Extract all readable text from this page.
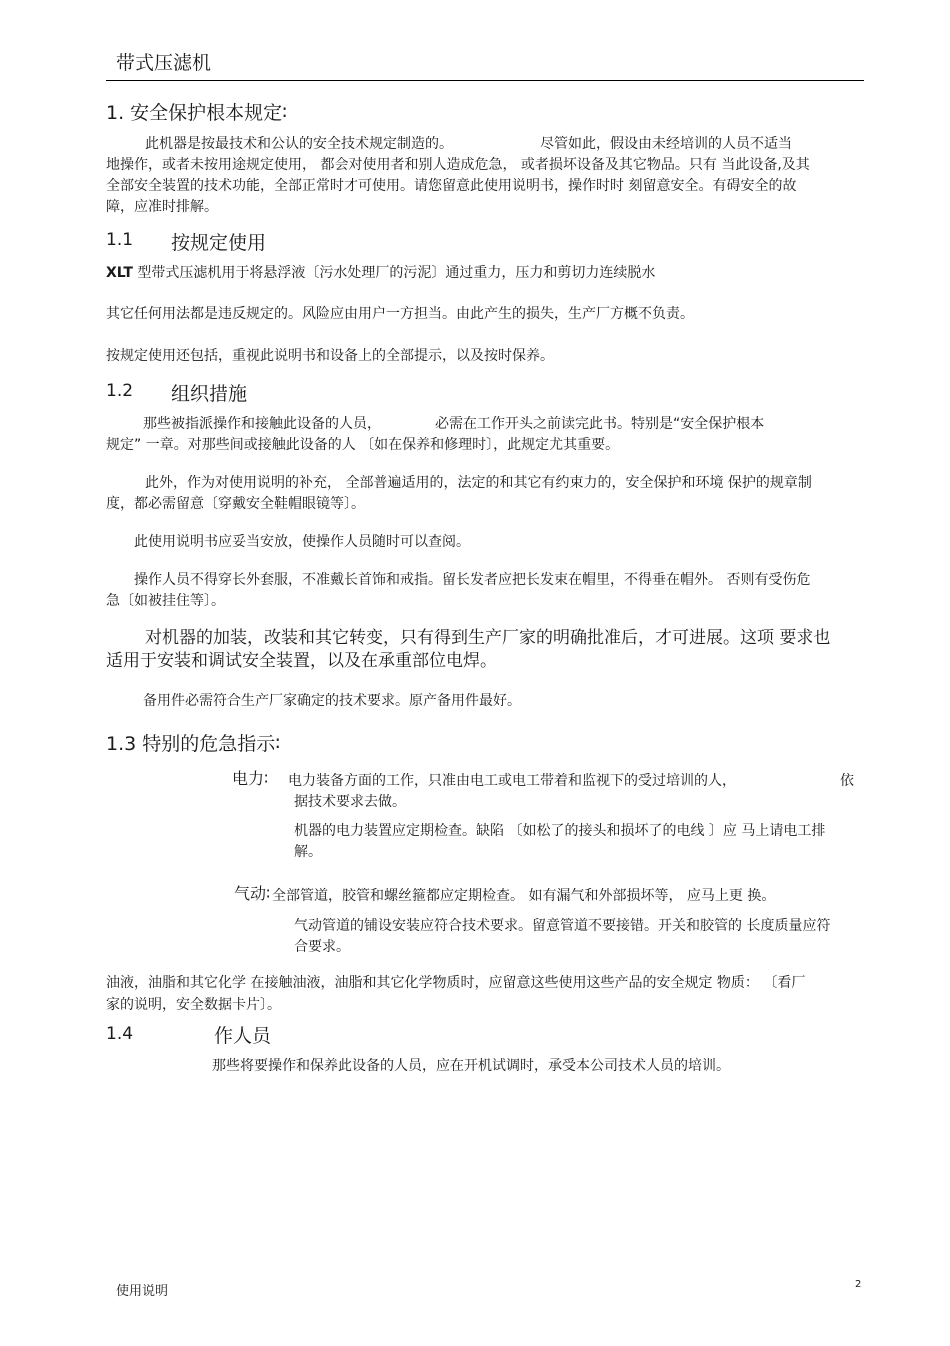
带式压滤机
1. 安全保护根本规定∶
此机器是按最技术和公认的安全技术规定制造的。	尽管如此，假设由未经培训的人员不适当
地操作，或者未按用途规定使用， 都会对使用者和别人造成危急， 或者损坏设备及其它物品。只有 当此设备,及其
全部安全装置的技术功能，全部正常时才可使用。请您留意此使用说明书，操作时时 刻留意安全。有碍安全的故
障，应准时排解。
1.1 按规定使用
XLT 型带式压滤机用于将悬浮液〔污水处理厂的污泥〕通过重力，压力和剪切力连续脱水
其它任何用法都是违反规定的。风险应由用户一方担当。由此产生的损失，生产厂方概不负责。
按规定使用还包括，重视此说明书和设备上的全部提示，以及按时保养。
1.2 组织措施
那些被指派操作和接触此设备的人员，	必需在工作开头之前读完此书。特别是“安全保护根本
规定” 一章。对那些间或接触此设备的人 〔如在保养和修理时〕，此规定尤其重要。
此外，作为对使用说明的补充， 全部普遍适用的，法定的和其它有约束力的，安全保护和环境 保护的规章制
度，都必需留意〔穿戴安全鞋帽眼镜等〕。
此使用说明书应妥当安放，使操作人员随时可以查阅。
操作人员不得穿长外套服，不准戴长首饰和戒指。留长发者应把长发束在帽里，不得垂在帽外。 否则有受伤危
急〔如被挂住等〕。
对机器的加装，改装和其它转变，只有得到生产厂家的明确批准后，才可进展。这项 要求也
适用于安装和调试安全装置，以及在承重部位电焊。
备用件必需符合生产厂家确定的技术要求。原产备用件最好。
1.3 特别的危急指示∶
电力∶ 电力装备方面的工作，只准由电工或电工带着和监视下的受过培训的人，	依
据技术要求去做。
机器的电力装置应定期检查。缺陷 〔如松了的接头和损坏了的电线 〕应 马上请电工排
解。
气动∶ 全部管道，胶管和螺丝箍都应定期检查。 如有漏气和外部损坏等， 应马上更 换。
气动管道的铺设安装应符合技术要求。留意管道不要接错。开关和胶管的 长度质量应符
合要求。
油液，油脂和其它化学 在接触油液，油脂和其它化学物质时，应留意这些使用这些产品的安全规定 物质： 〔看厂
家的说明，安全数据卡片〕。
1.4	作人员
那些将要操作和保养此设备的人员，应在开机试调时，承受本公司技术人员的培训。
使用说明	2
